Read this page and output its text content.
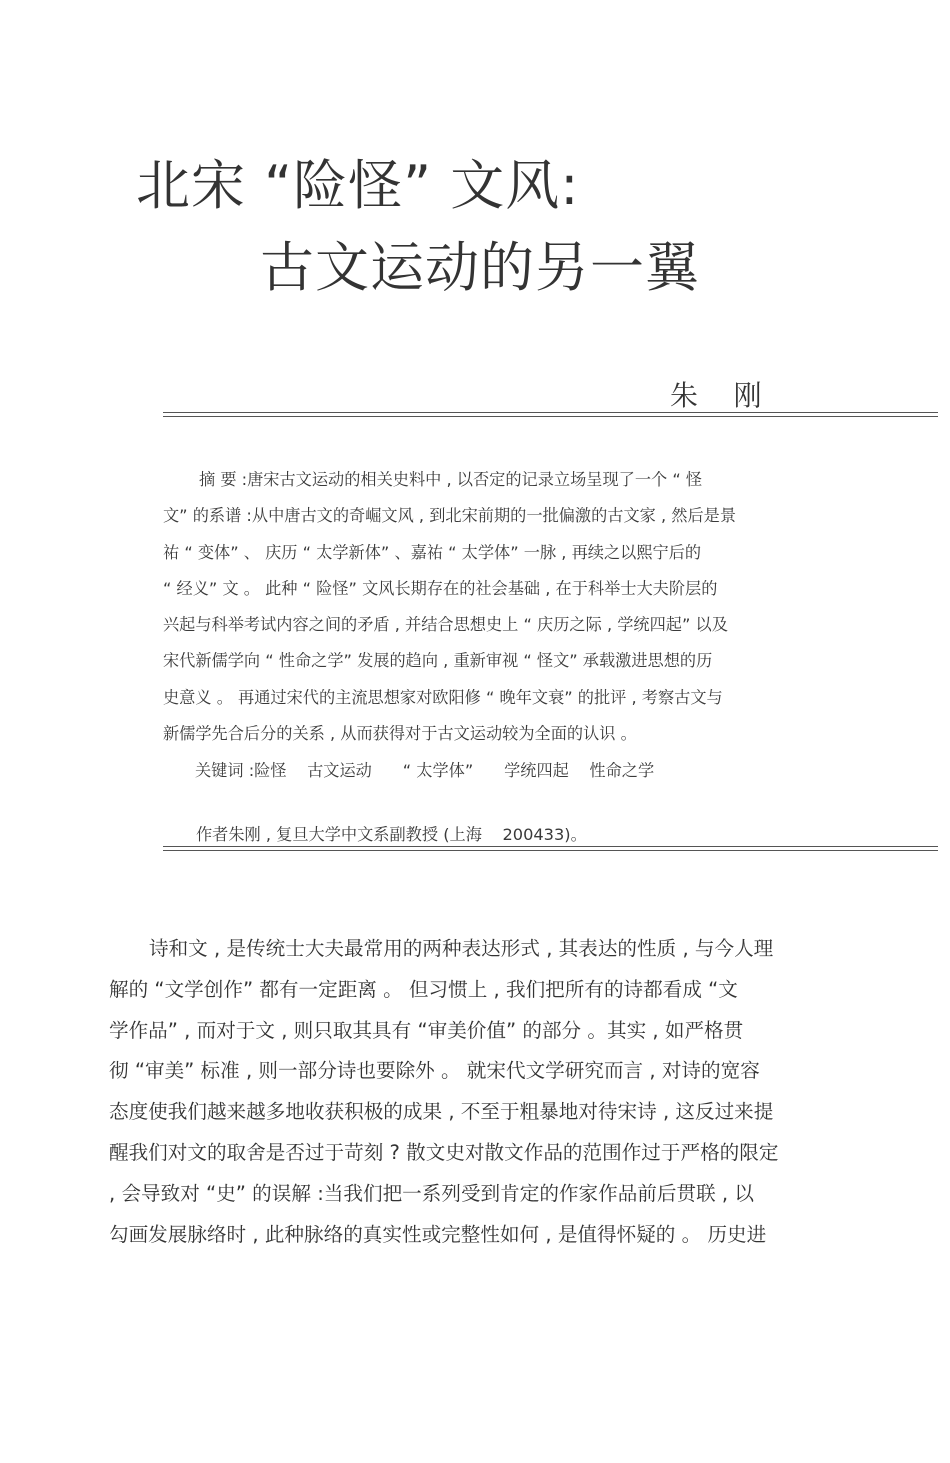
北宋 “险怪” 文风:
古文运动的另一翼
朱    刚
摘 要 :唐宋古文运动的相关史料中 , 以否定的记录立场呈现了一个 “ 怪
文” 的系谱 :从中唐古文的奇崛文风 , 到北宋前期的一批偏激的古文家 , 然后是景
祐 “ 变体” 、 庆历 “ 太学新体” 、嘉祐 “ 太学体” 一脉 , 再续之以熙宁后的
“ 经义” 文 。 此种 “ 险怪” 文风长期存在的社会基础 , 在于科举士大夫阶层的
兴起与科举考试内容之间的矛盾 , 并结合思想史上 “ 庆历之际 , 学统四起” 以及
宋代新儒学向 “ 性命之学” 发展的趋向 , 重新审视 “ 怪文” 承载激进思想的历
史意义 。 再通过宋代的主流思想家对欧阳修 “ 晚年文衰” 的批评 , 考察古文与
新儒学先合后分的关系 , 从而获得对于古文运动较为全面的认识 。
关键词 :险怪    古文运动      “ 太学体”      学统四起    性命之学
作者朱刚 , 复旦大学中文系副教授 (上海    200433)。
诗和文 , 是传统士大夫最常用的两种表达形式 , 其表达的性质 , 与今人理
解的 “文学创作” 都有一定距离 。 但习惯上 , 我们把所有的诗都看成 “文
学作品” , 而对于文 , 则只取其具有 “审美价值” 的部分 。其实 , 如严格贯
彻 “审美” 标准 , 则一部分诗也要除外 。 就宋代文学研究而言 , 对诗的宽容
态度使我们越来越多地收获积极的成果 , 不至于粗暴地对待宋诗 , 这反过来提
醒我们对文的取舍是否过于苛刻 ? 散文史对散文作品的范围作过于严格的限定
, 会导致对 “史” 的误解 :当我们把一系列受到肯定的作家作品前后贯联 , 以
勾画发展脉络时 , 此种脉络的真实性或完整性如何 , 是值得怀疑的 。 历史进
